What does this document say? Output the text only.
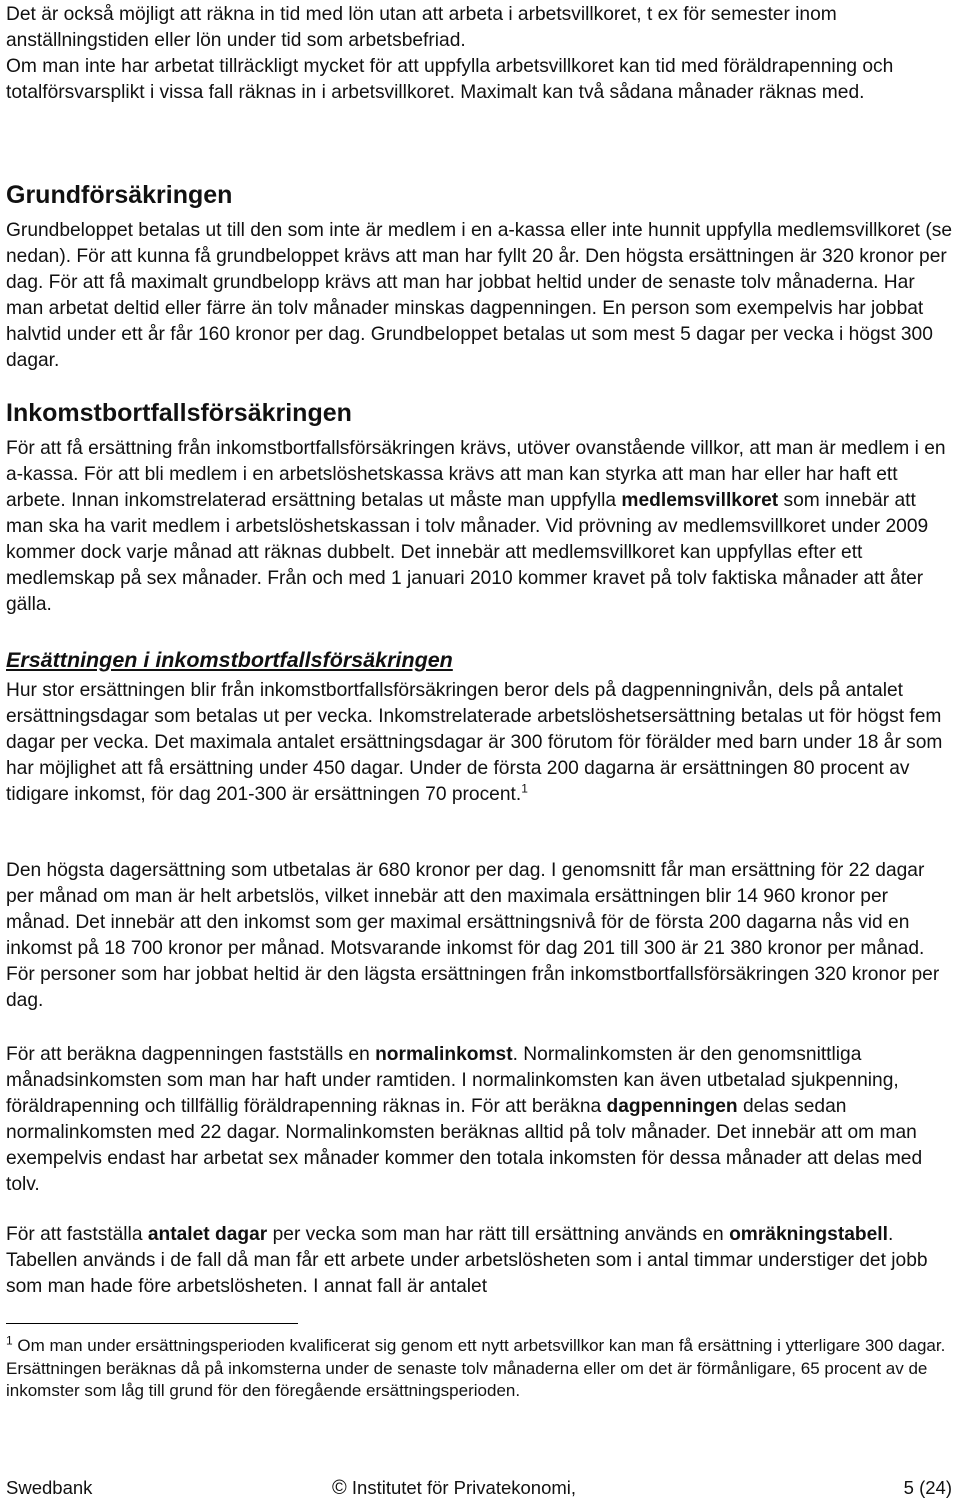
Det är också möjligt att räkna in tid med lön utan att arbeta i arbetsvillkoret, t ex för semester inom anställningstiden eller lön under tid som arbetsbefriad.

Om man inte har arbetat tillräckligt mycket för att uppfylla arbetsvillkoret kan tid med föräldrapenning och totalförsvarsplikt i vissa fall räknas in i arbetsvillkoret. Maximalt kan två sådana månader räknas med.

Grundförsäkringen

Grundbeloppet betalas ut till den som inte är medlem i en a-kassa eller inte hunnit uppfylla medlemsvillkoret (se nedan). För att kunna få grundbeloppet krävs att man har fyllt 20 år. Den högsta ersättningen är 320 kronor per dag. För att få maximalt grundbelopp krävs att man har jobbat heltid under de senaste tolv månaderna. Har man arbetat deltid eller färre än tolv månader minskas dagpenningen. En person som exempelvis har jobbat halvtid under ett år får 160 kronor per dag. Grundbeloppet betalas ut som mest 5 dagar per vecka i högst 300 dagar.

Inkomstbortfallsförsäkringen

För att få ersättning från inkomstbortfallsförsäkringen krävs, utöver ovanstående villkor, att man är medlem i en a-kassa. För att bli medlem i en arbetslöshetskassa krävs att man kan styrka att man har eller har haft ett arbete. Innan inkomstrelaterad ersättning betalas ut måste man uppfylla medlemsvillkoret som innebär att man ska ha varit medlem i arbetslöshetskassan i tolv månader. Vid prövning av medlemsvillkoret under 2009 kommer dock varje månad att räknas dubbelt. Det innebär att medlemsvillkoret kan uppfyllas efter ett medlemskap på sex månader. Från och med 1 januari 2010 kommer kravet på tolv faktiska månader att åter gälla.

Ersättningen i inkomstbortfallsförsäkringen

Hur stor ersättningen blir från inkomstbortfallsförsäkringen beror dels på dagpenningnivån, dels på antalet ersättningsdagar som betalas ut per vecka. Inkomstrelaterade arbetslöshetsersättning betalas ut för högst fem dagar per vecka. Det maximala antalet ersättningsdagar är 300 förutom för förälder med barn under 18 år som har möjlighet att få ersättning under 450 dagar. Under de första 200 dagarna är ersättningen 80 procent av tidigare inkomst, för dag 201-300 är ersättningen 70 procent.$^1$

Den högsta dagersättning som utbetalas är 680 kronor per dag. I genomsnitt får man ersättning för 22 dagar per månad om man är helt arbetslös, vilket innebär att den maximala ersättningen blir 14 960 kronor per månad. Det innebär att den inkomst som ger maximal ersättningsnivå för de första 200 dagarna nås vid en inkomst på 18 700 kronor per månad. Motsvarande inkomst för dag 201 till 300 är 21 380 kronor per månad. För personer som har jobbat heltid är den lägsta ersättningen från inkomstbortfallsförsäkringen 320 kronor per dag.

För att beräkna dagpenningen fastställs en normalinkomst. Normalinkomsten är den genomsnittliga månadsinkomsten som man har haft under ramtiden. I normalinkomsten kan även utbetalad sjukpenning, föräldrapenning och tillfällig föräldrapenning räknas in. För att beräkna dagpenningen delas sedan normalinkomsten med 22 dagar. Normalinkomsten beräknas alltid på tolv månader. Det innebär att om man exempelvis endast har arbetat sex månader kommer den totala inkomsten för dessa månader att delas med tolv.

För att fastställa antalet dagar per vecka som man har rätt till ersättning används en omräkningstabell. Tabellen används i de fall då man får ett arbete under arbetslösheten som i antal timmar understiger det jobb som man hade före arbetslösheten. I annat fall är antalet

$^1$ Om man under ersättningsperioden kvalificerat sig genom ett nytt arbetsvillkor kan man få ersättning i ytterligare 300 dagar. Ersättningen beräknas då på inkomsterna under de senaste tolv månaderna eller om det är förmånligare, 65 procent av de inkomster som låg till grund för den föregående ersättningsperioden.

Swedbank	© Institutet för Privatekonomi,	5 (24)
